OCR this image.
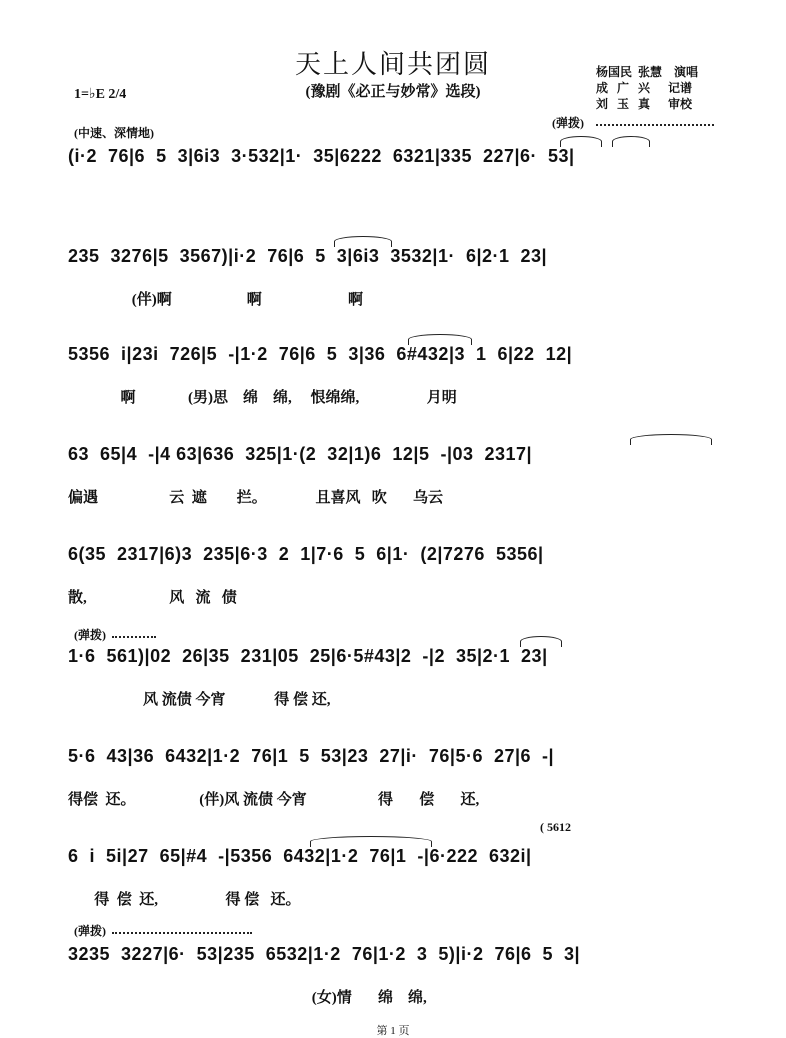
天上人间共团圆
(豫剧《必正与妙常》选段)
1=♭E 2/4
杨国民  张慧    演唱
成   广   兴      记谱
刘   玉   真      审校
(中速、深情地)
(弹拨)
(弹拨)
(弹拨)
( 5612
(i·2  76|6  5  3|6i3  3·532|1·  35|6222  6321|335  227|6·  53|
235  3276|5  3567)|i·2  76|6  5  3|6i3  3532|1·  6|2·1  23|
(伴)啊                    啊                       啊
5356  i|23i  726|5  -|1·2  76|6  5  3|36  6#432|3  1  6|22  12|
啊              (男)思    绵    绵,     恨绵绵,                  月明
63  65|4  -|4 63|636  325|1·(2  32|1)6  12|5  -|03  2317|
偏遇                   云  遮        拦。             且喜风   吹       乌云
6(35  2317|6)3  235|6·3  2  1|7·6  5  6|1·  (2|7276  5356|
散,                      风   流   债
1·6  561)|02  26|35  231|05  25|6·5#43|2  -|2  35|2·1  23|
风 流债 今宵             得 偿 还,
5·6  43|36  6432|1·2  76|1  5  53|23  27|i·  76|5·6  27|6  -|
得偿  还。                 (伴)风 流债 今宵                   得       偿       还,
6  i  5i|27  65|#4  -|5356  6432|1·2  76|1  -|6·222  632i|
得  偿  还,                  得 偿   还。
3235  3227|6·  53|235  6532|1·2  76|1·2  3  5)|i·2  76|6  5  3|
(女)情       绵    绵,
第 1 页
